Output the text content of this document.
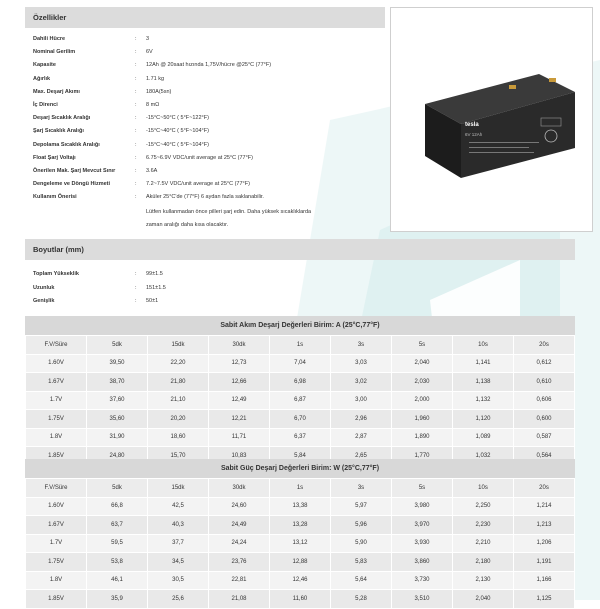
Özellikler
Dahili Hücre	: 3
Nominal Gerilim	: 6V
Kapasite	: 12Ah @ 20saat hızında 1,75V/hücre @25°C (77°F)
Ağırlık	: 1.71 kg
Max. Deşarj Akımı	: 180A(5sn)
İç Direnci	: 8 mΩ
Deşarj Sıcaklık Aralığı	: -15°C~50°C ( 5°F~122°F)
Şarj Sıcaklık Aralığı	: -15°C~40°C ( 5°F~104°F)
Depolama Sıcaklık Aralığı	: -15°C~40°C ( 5°F~104°F)
Float Şarj Voltajı	: 6.75~6.9V VDC/unit average at 25°C (77°F)
Önerilen Mak. Şarj Mevcut Sınır	: 3.6A
Dengeleme ve Döngü Hizmeti	: 7.2~7.5V VDC/unit average at 25°C (77°F)
Kullanım Önerisi	: Aküler 25°C'de (77°F) 6 aydan fazla saklanabilir.
Lütfen kullanmadan önce pilleri şarj edin. Daha yüksek sıcaklıklarda
zaman aralığı daha kısa olacaktır.
tesla
6V 12Ah
Boyutlar (mm)
Toplam Yükseklik	: 99±1.5
Uzunluk	: 151±1.5
Genişlik	: 50±1
Sabit Akım Deşarj Değerleri Birim: A (25°C,77°F)
F.V/Süre	5dk	15dk	30dk	1s	3s	5s	10s	20s
1.60V	39,50	22,20	12,73	7,04	3,03	2,040	1,141	0,612
1.67V	38,70	21,80	12,66	6,98	3,02	2,030	1,138	0,610
1.7V	37,60	21,10	12,49	6,87	3,00	2,000	1,132	0,606
1.75V	35,60	20,20	12,21	6,70	2,96	1,960	1,120	0,600
1.8V	31,90	18,60	11,71	6,37	2,87	1,890	1,089	0,587
1.85V	24,80	15,70	10,83	5,84	2,65	1,770	1,032	0,564
Sabit Güç Deşarj Değerleri Birim: W (25°C,77°F)
F.V/Süre	5dk	15dk	30dk	1s	3s	5s	10s	20s
1.60V	66,8	42,5	24,60	13,38	5,97	3,980	2,250	1,214
1.67V	63,7	40,3	24,49	13,28	5,96	3,970	2,230	1,213
1.7V	59,5	37,7	24,24	13,12	5,90	3,930	2,210	1,206
1.75V	53,8	34,5	23,76	12,88	5,83	3,860	2,180	1,191
1.8V	46,1	30,5	22,81	12,46	5,64	3,730	2,130	1,166
1.85V	35,9	25,6	21,08	11,60	5,28	3,510	2,040	1,125
